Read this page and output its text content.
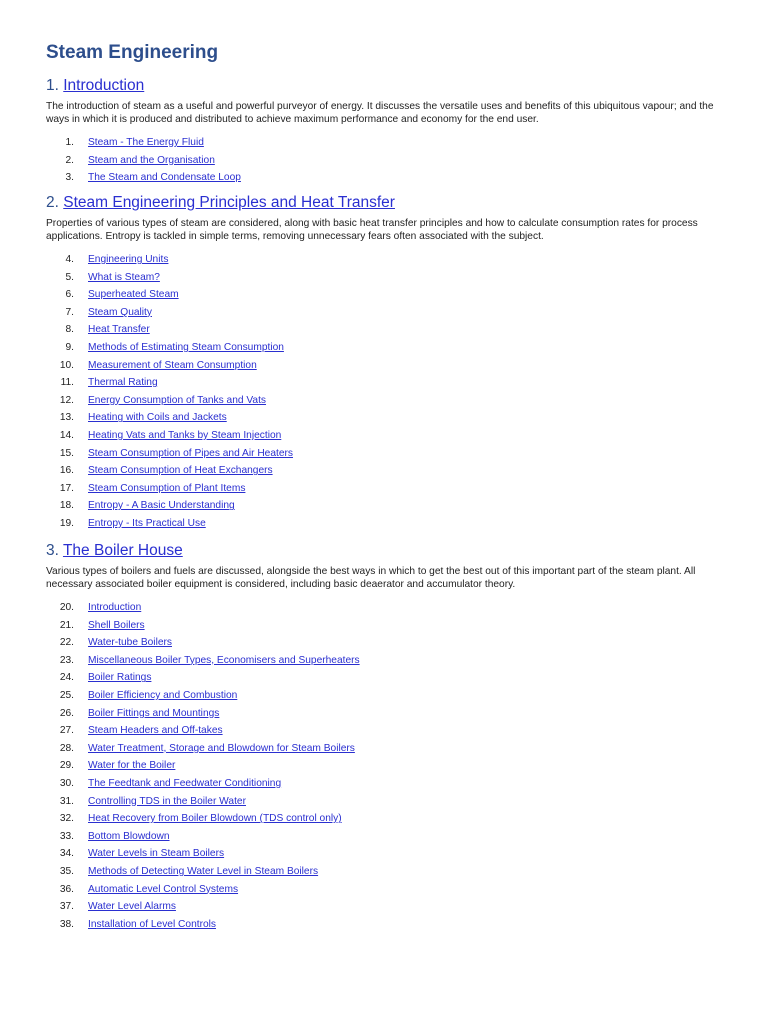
Steam Engineering
1. Introduction

The introduction of steam as a useful and powerful purveyor of energy. It discusses the versatile uses and benefits of this ubiquitous vapour; and the ways in which it is produced and distributed to achieve maximum performance and economy for the end user.

1. Steam - The Energy Fluid
2. Steam and the Organisation
3. The Steam and Condensate Loop
2. Steam Engineering Principles and Heat Transfer

Properties of various types of steam are considered, along with basic heat transfer principles and how to calculate consumption rates for process applications. Entropy is tackled in simple terms, removing unnecessary fears often associated with the subject.

4. Engineering Units
5. What is Steam?
6. Superheated Steam
7. Steam Quality
8. Heat Transfer
9. Methods of Estimating Steam Consumption
10. Measurement of Steam Consumption
11. Thermal Rating
12. Energy Consumption of Tanks and Vats
13. Heating with Coils and Jackets
14. Heating Vats and Tanks by Steam Injection
15. Steam Consumption of Pipes and Air Heaters
16. Steam Consumption of Heat Exchangers
17. Steam Consumption of Plant Items
18. Entropy - A Basic Understanding
19. Entropy - Its Practical Use
3. The Boiler House

Various types of boilers and fuels are discussed, alongside the best ways in which to get the best out of this important part of the steam plant. All necessary associated boiler equipment is considered, including basic deaerator and accumulator theory.

20. Introduction
21. Shell Boilers
22. Water-tube Boilers
23. Miscellaneous Boiler Types, Economisers and Superheaters
24. Boiler Ratings
25. Boiler Efficiency and Combustion
26. Boiler Fittings and Mountings
27. Steam Headers and Off-takes
28. Water Treatment, Storage and Blowdown for Steam Boilers
29. Water for the Boiler
30. The Feedtank and Feedwater Conditioning
31. Controlling TDS in the Boiler Water
32. Heat Recovery from Boiler Blowdown (TDS control only)
33. Bottom Blowdown
34. Water Levels in Steam Boilers
35. Methods of Detecting Water Level in Steam Boilers
36. Automatic Level Control Systems
37. Water Level Alarms
38. Installation of Level Controls
